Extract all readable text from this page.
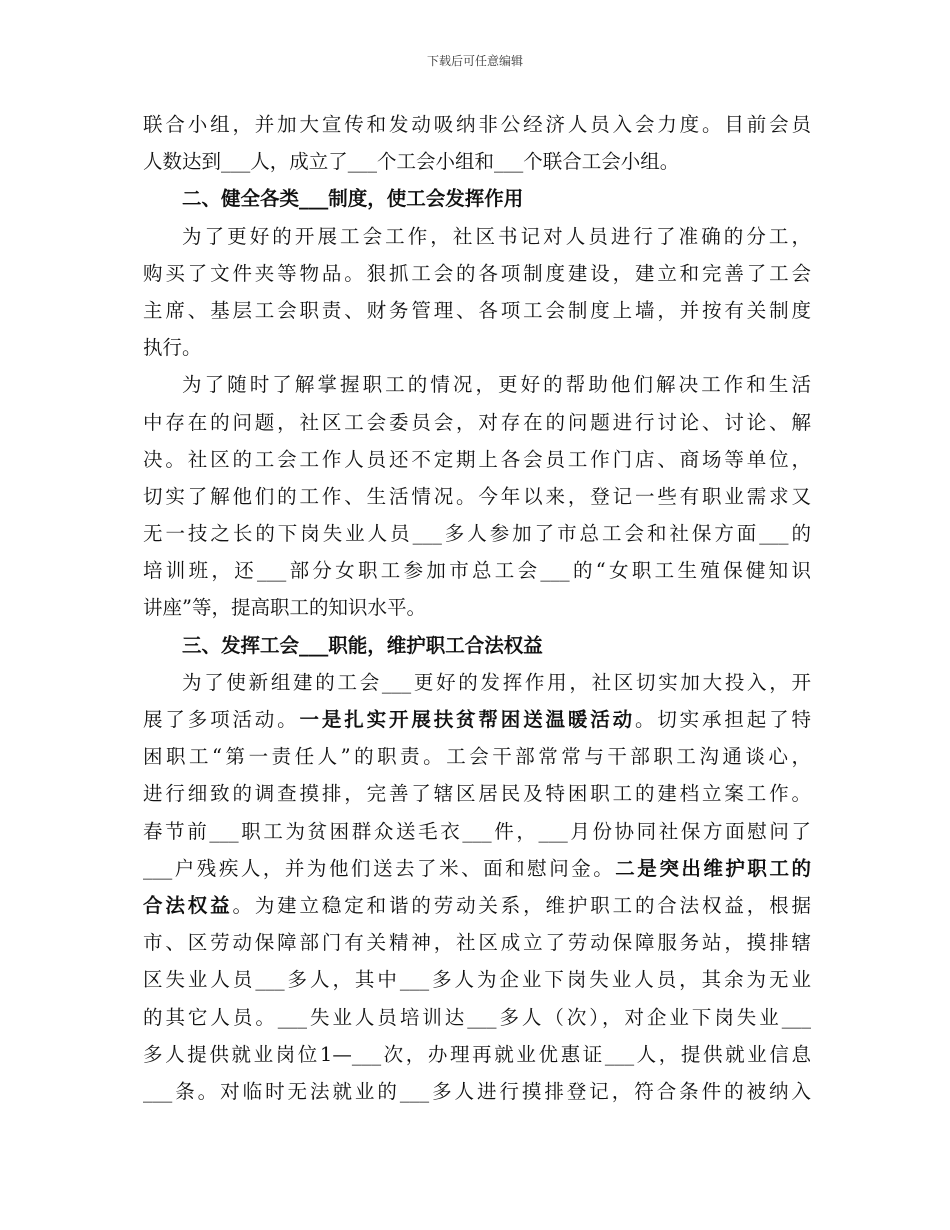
下载后可任意编辑
联合小组，并加大宣传和发动吸纳非公经济人员入会力度。目前会员
人数达到___人，成立了___个工会小组和___个联合工会小组。
二、健全各类___制度，使工会发挥作用
为了更好的开展工会工作，社区书记对人员进行了准确的分工，
购买了文件夹等物品。狠抓工会的各项制度建设，建立和完善了工会
主席、基层工会职责、财务管理、各项工会制度上墙，并按有关制度
执行。
为了随时了解掌握职工的情况，更好的帮助他们解决工作和生活
中存在的问题，社区工会委员会，对存在的问题进行讨论、讨论、解
决。社区的工会工作人员还不定期上各会员工作门店、商场等单位，
切实了解他们的工作、生活情况。今年以来，登记一些有职业需求又
无一技之长的下岗失业人员___多人参加了市总工会和社保方面___的
培训班，还___部分女职工参加市总工会___的“女职工生殖保健知识
讲座”等，提高职工的知识水平。
三、发挥工会___职能，维护职工合法权益
为了使新组建的工会___更好的发挥作用，社区切实加大投入，开
展了多项活动。一是扎实开展扶贫帮困送温暖活动。切实承担起了特
困职工“第一责任人”的职责。工会干部常常与干部职工沟通谈心，
进行细致的调查摸排，完善了辖区居民及特困职工的建档立案工作。
春节前___职工为贫困群众送毛衣___件，___月份协同社保方面慰问了
___户残疾人，并为他们送去了米、面和慰问金。二是突出维护职工的
合法权益。为建立稳定和谐的劳动关系，维护职工的合法权益，根据
市、区劳动保障部门有关精神，社区成立了劳动保障服务站，摸排辖
区失业人员___多人，其中___多人为企业下岗失业人员，其余为无业
的其它人员。___失业人员培训达___多人（次），对企业下岗失业___
多人提供就业岗位1—___次，办理再就业优惠证___人，提供就业信息
___条。对临时无法就业的___多人进行摸排登记，符合条件的被纳入
